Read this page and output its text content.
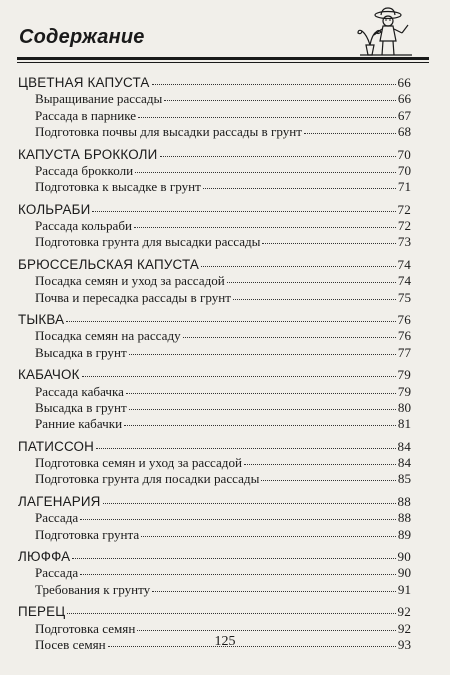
Содержание
ЦВЕТНАЯ КАПУСТА	66
Выращивание рассады	66
Рассада в парнике	67
Подготовка почвы для высадки рассады в грунт	68
КАПУСТА БРОККОЛИ	70
Рассада брокколи	70
Подготовка к высадке в грунт	71
КОЛЬРАБИ	72
Рассада кольраби	72
Подготовка грунта для высадки рассады	73
БРЮССЕЛЬСКАЯ КАПУСТА	74
Посадка семян и уход за рассадой	74
Почва и пересадка рассады в грунт	75
ТЫКВА	76
Посадка семян на рассаду	76
Высадка в грунт	77
КАБАЧОК	79
Рассада кабачка	79
Высадка в грунт	80
Ранние кабачки	81
ПАТИССОН	84
Подготовка семян и уход за рассадой	84
Подготовка грунта для посадки рассады	85
ЛАГЕНАРИЯ	88
Рассада	88
Подготовка грунта	89
ЛЮФФА	90
Рассада	90
Требования к грунту	91
ПЕРЕЦ	92
Подготовка семян	92
Посев семян	93
125
